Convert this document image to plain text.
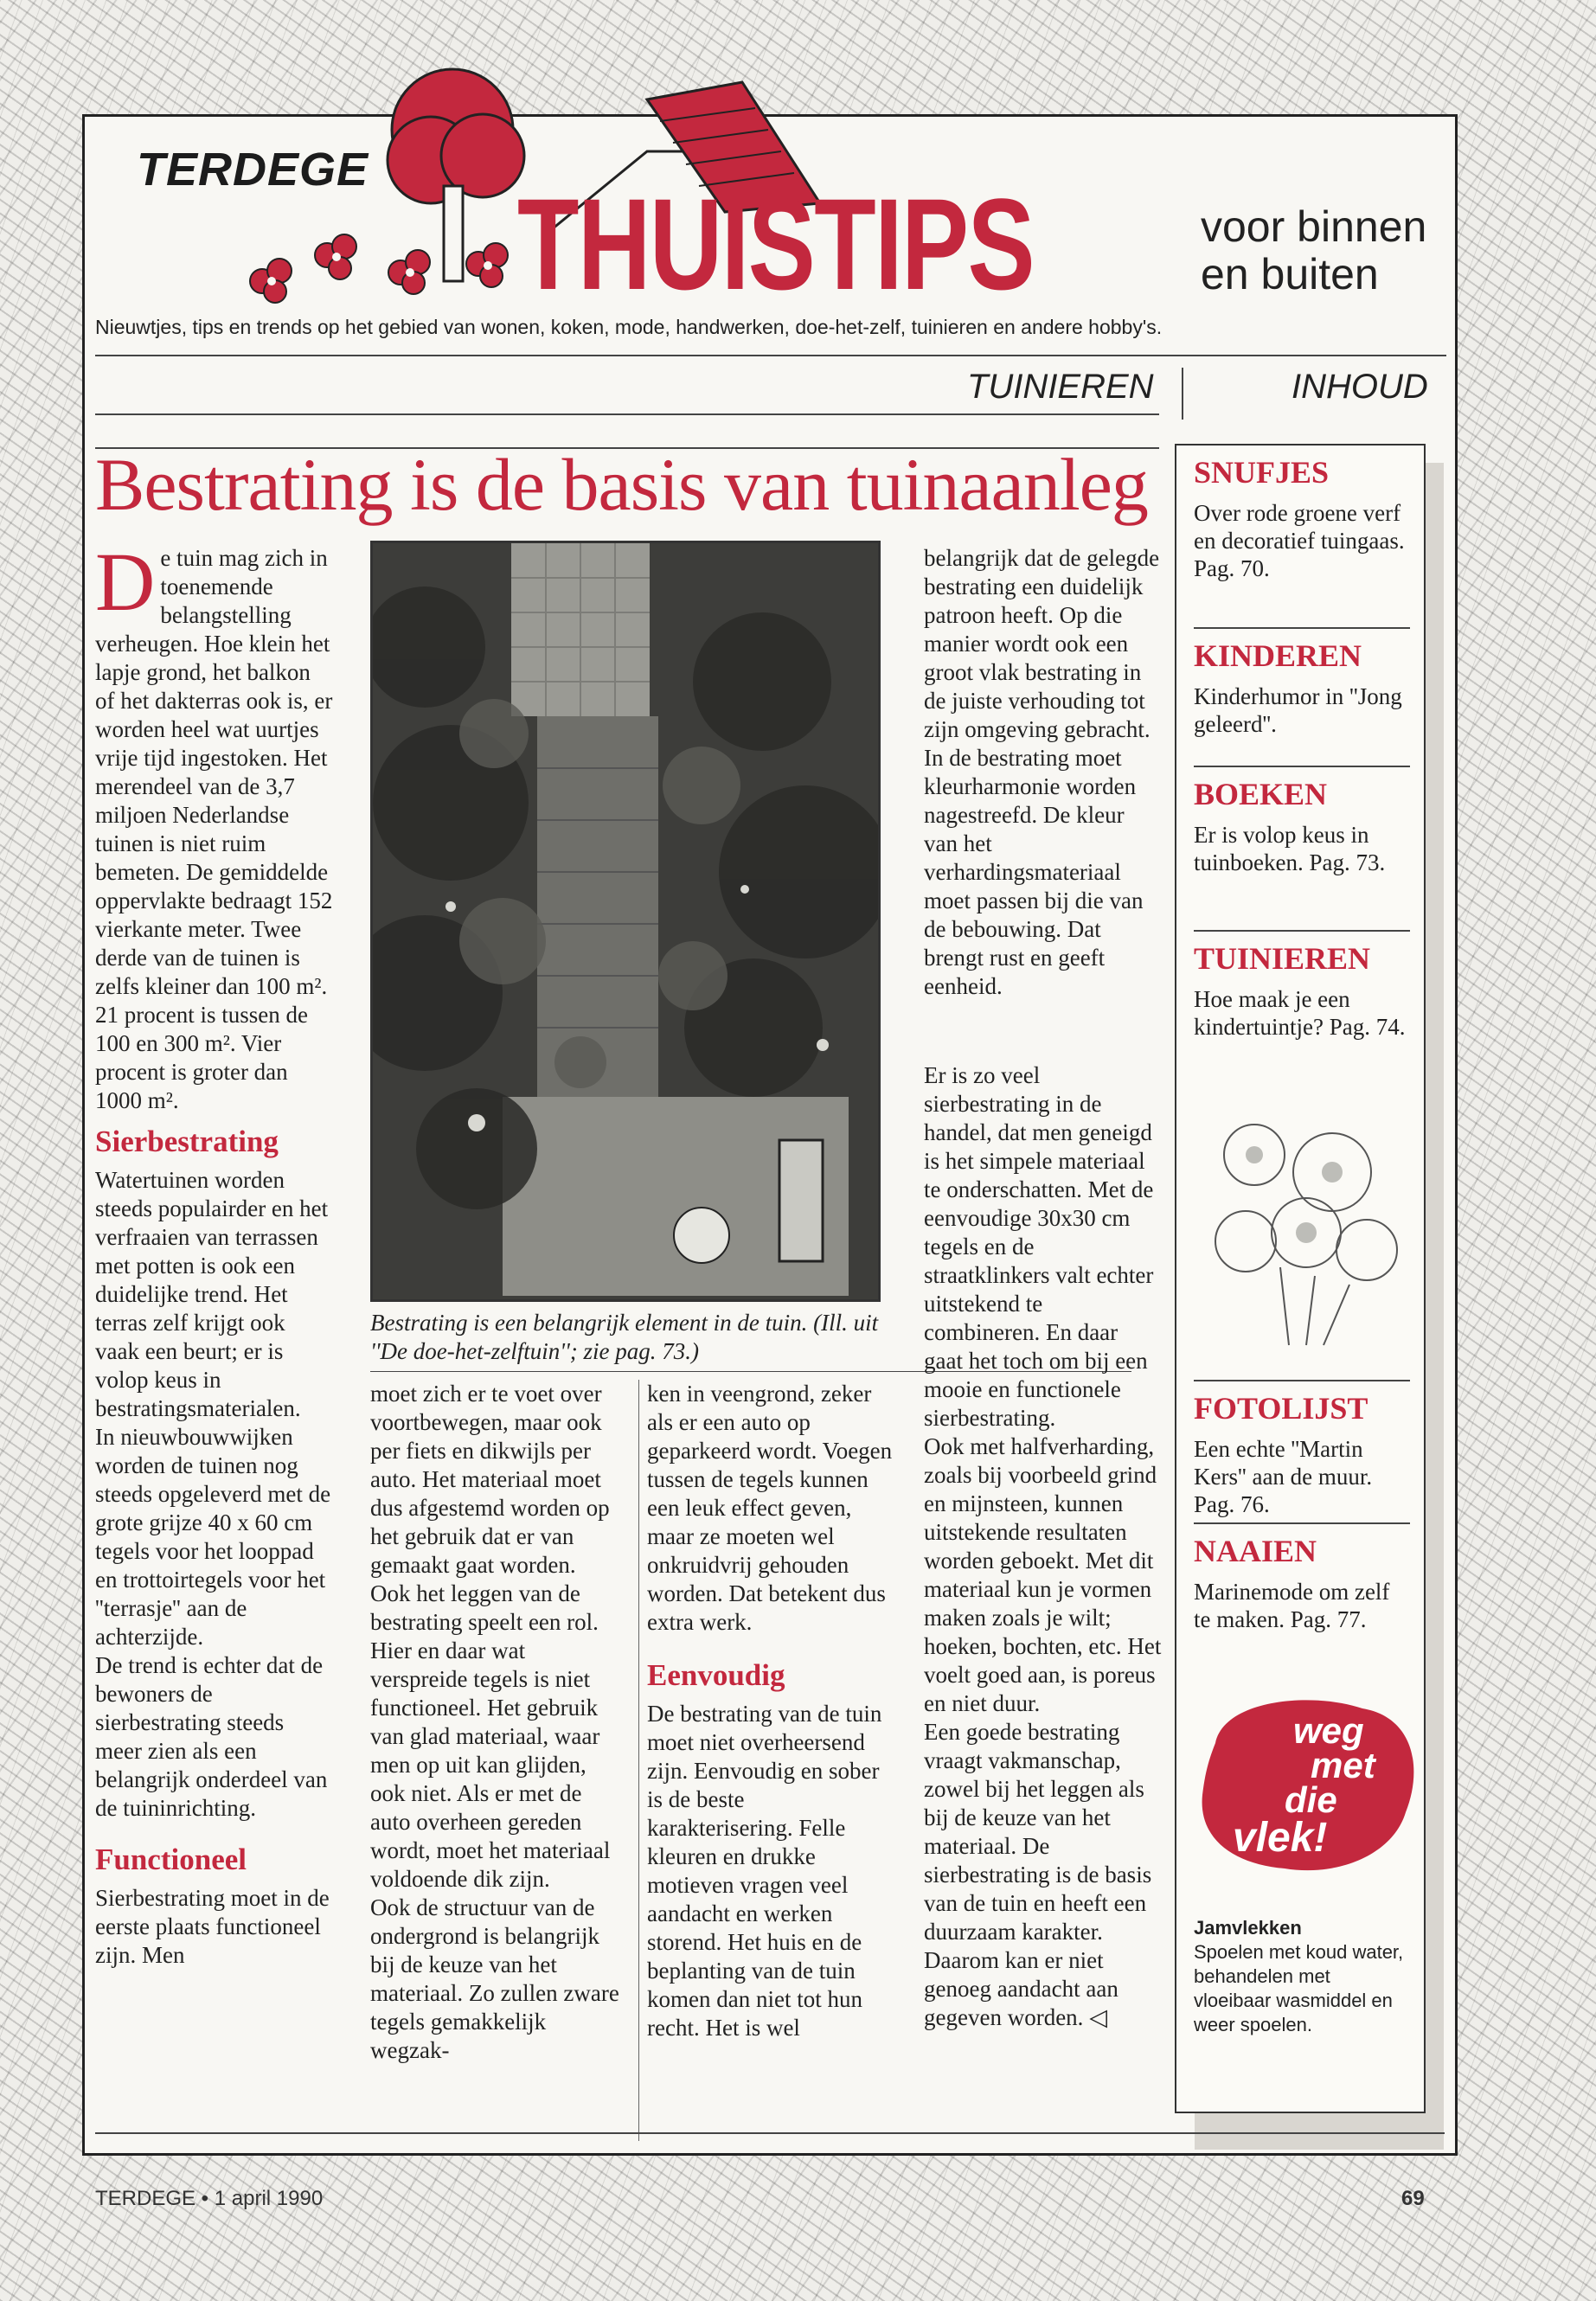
TERDEGE
THUISTIPS	voor binnen
en buiten
Nieuwtjes, tips en trends op het gebied van wonen, koken, mode, handwerken, doe-het-zelf, tuinieren en andere hobby's.
TUINIEREN	INHOUD
Bestrating is de basis van tuinaanleg

De tuin mag zich in toenemende belangstelling verheugen. Hoe klein het lapje grond, het balkon of het dakterras ook is, er worden heel wat uurtjes vrije tijd ingestoken. Het merendeel van de 3,7 miljoen Nederlandse tuinen is niet ruim bemeten. De gemiddelde oppervlakte bedraagt 152 vierkante meter. Twee derde van de tuinen is zelfs kleiner dan 100 m². 21 procent is tussen de 100 en 300 m². Vier procent is groter dan 1000 m².

Sierbestrating

Watertuinen worden steeds populairder en het verfraaien van terrassen met potten is ook een duidelijke trend. Het terras zelf krijgt ook vaak een beurt; er is volop keus in bestratingsmaterialen.

In nieuwbouwwijken worden de tuinen nog steeds opgeleverd met de grote grijze 40 x 60 cm tegels voor het looppad en trottoirtegels voor het ''terrasje'' aan de achterzijde.

De trend is echter dat de bewoners de sierbestrating steeds meer zien als een belangrijk onderdeel van de tuininrichting.

Functioneel

Sierbestrating moet in de eerste plaats functioneel zijn. Men

Bestrating is een belangrijk element in de tuin. (Ill. uit ''De doe-het-zelftuin''; zie pag. 73.)

moet zich er te voet over voortbewegen, maar ook per fiets en dikwijls per auto. Het materiaal moet dus afgestemd worden op het gebruik dat er van gemaakt gaat worden. Ook het leggen van de bestrating speelt een rol. Hier en daar wat verspreide tegels is niet functioneel. Het gebruik van glad materiaal, waar men op uit kan glijden, ook niet. Als er met de auto overheen gereden wordt, moet het materiaal voldoende dik zijn.

Ook de structuur van de ondergrond is belangrijk bij de keuze van het materiaal. Zo zullen zware tegels gemakkelijk wegzak-

ken in veengrond, zeker als er een auto op geparkeerd wordt. Voegen tussen de tegels kunnen een leuk effect geven, maar ze moeten wel onkruidvrij gehouden worden. Dat betekent dus extra werk.

Eenvoudig

De bestrating van de tuin moet niet overheersend zijn. Eenvoudig en sober is de beste karakterisering. Felle kleuren en drukke motieven vragen veel aandacht en werken storend. Het huis en de beplanting van de tuin komen dan niet tot hun recht. Het is wel

belangrijk dat de gelegde bestrating een duidelijk patroon heeft. Op die manier wordt ook een groot vlak bestrating in de juiste verhouding tot zijn omgeving gebracht. In de bestrating moet kleurharmonie worden nagestreefd. De kleur van het verhardingsmateriaal moet passen bij die van de bebouwing. Dat brengt rust en geeft eenheid.

Er is zo veel sierbestrating in de handel, dat men geneigd is het simpele materiaal te onderschatten. Met de eenvoudige 30x30 cm tegels en de straatklinkers valt echter uitstekend te combineren. En daar gaat het toch om bij een mooie en functionele sierbestrating.

Ook met halfverharding, zoals bij voorbeeld grind en mijnsteen, kunnen uitstekende resultaten worden geboekt. Met dit materiaal kun je vormen maken zoals je wilt; hoeken, bochten, etc. Het voelt goed aan, is poreus en niet duur.

Een goede bestrating vraagt vakmanschap, zowel bij het leggen als bij de keuze van het materiaal. De sierbestrating is de basis van de tuin en heeft een duurzaam karakter. Daarom kan er niet genoeg aandacht aan gegeven worden. ◁

SNUFJES

Over rode groene verf en decoratief tuingaas. Pag. 70.

KINDEREN

Kinderhumor in ''Jong geleerd''.

BOEKEN

Er is volop keus in tuinboeken. Pag. 73.

TUINIEREN

Hoe maak je een kindertuintje? Pag. 74.

FOTOLIJST

Een echte ''Martin Kers'' aan de muur. Pag. 76.

NAAIEN

Marinemode om zelf te maken. Pag. 77.

weg
met
die
vlek!
Jamvlekken
Spoelen met koud water, behandelen met vloeibaar wasmiddel en weer spoelen.
TERDEGE • 1 april 1990	69
